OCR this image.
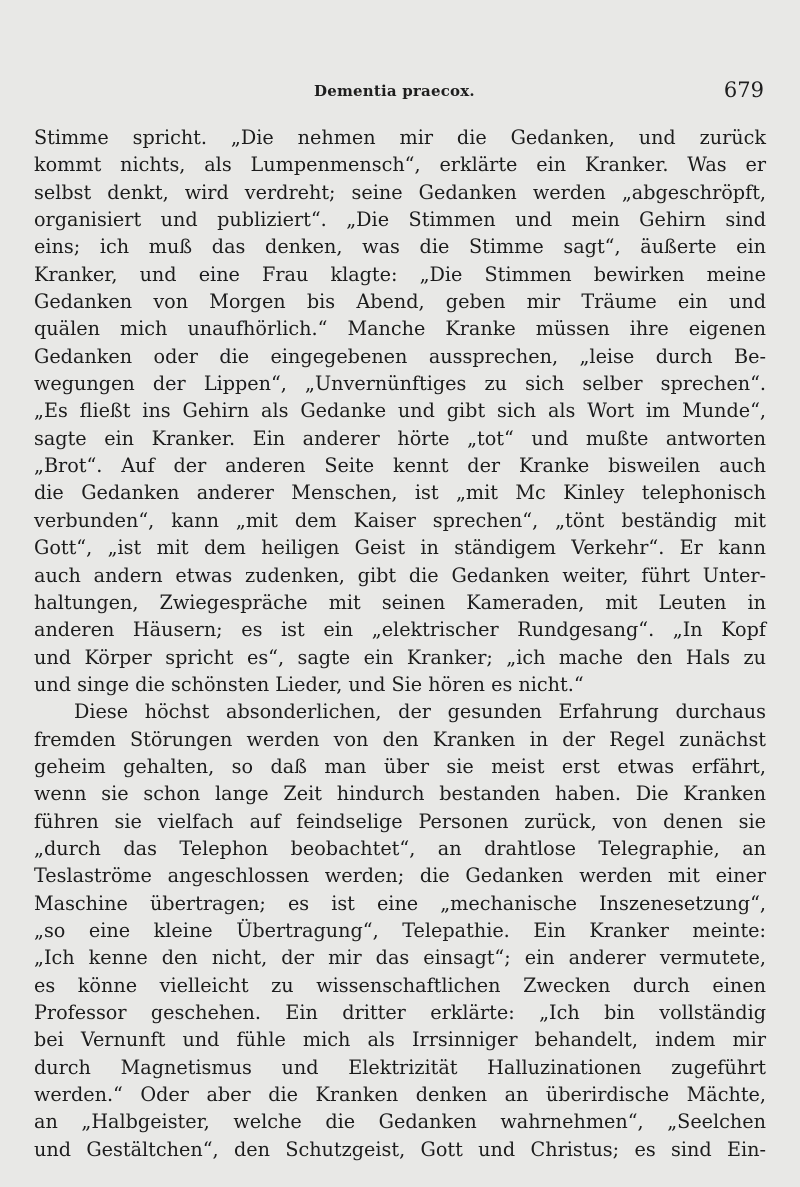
Dementia praecox.	679
Stimme spricht. „Die nehmen mir die Gedanken, und zurück
kommt nichts, als Lumpenmensch“, erklärte ein Kranker. Was er
selbst denkt, wird verdreht; seine Gedanken werden „abgeschröpft,
organisiert und publiziert“. „Die Stimmen und mein Gehirn sind
eins; ich muß das denken, was die Stimme sagt“, äußerte ein
Kranker, und eine Frau klagte: „Die Stimmen bewirken meine
Gedanken von Morgen bis Abend, geben mir Träume ein und
quälen mich unaufhörlich.“ Manche Kranke müssen ihre eigenen
Gedanken oder die eingegebenen aussprechen, „leise durch Be-
wegungen der Lippen“, „Unvernünftiges zu sich selber sprechen“.
„Es fließt ins Gehirn als Gedanke und gibt sich als Wort im Munde“,
sagte ein Kranker. Ein anderer hörte „tot“ und mußte antworten
„Brot“. Auf der anderen Seite kennt der Kranke bisweilen auch
die Gedanken anderer Menschen, ist „mit Mc Kinley telephonisch
verbunden“, kann „mit dem Kaiser sprechen“, „tönt beständig mit
Gott“, „ist mit dem heiligen Geist in ständigem Verkehr“. Er kann
auch andern etwas zudenken, gibt die Gedanken weiter, führt Unter-
haltungen, Zwiegespräche mit seinen Kameraden, mit Leuten in
anderen Häusern; es ist ein „elektrischer Rundgesang“. „In Kopf
und Körper spricht es“, sagte ein Kranker; „ich mache den Hals zu
und singe die schönsten Lieder, und Sie hören es nicht.“
Diese höchst absonderlichen, der gesunden Erfahrung durchaus
fremden Störungen werden von den Kranken in der Regel zunächst
geheim gehalten, so daß man über sie meist erst etwas erfährt,
wenn sie schon lange Zeit hindurch bestanden haben. Die Kranken
führen sie vielfach auf feindselige Personen zurück, von denen sie
„durch das Telephon beobachtet“, an drahtlose Telegraphie, an
Teslaströme angeschlossen werden; die Gedanken werden mit einer
Maschine übertragen; es ist eine „mechanische Inszenesetzung“,
„so eine kleine Übertragung“, Telepathie. Ein Kranker meinte:
„Ich kenne den nicht, der mir das einsagt“; ein anderer vermutete,
es könne vielleicht zu wissenschaftlichen Zwecken durch einen
Professor geschehen. Ein dritter erklärte: „Ich bin vollständig
bei Vernunft und fühle mich als Irrsinniger behandelt, indem mir
durch Magnetismus und Elektrizität Halluzinationen zugeführt
werden.“ Oder aber die Kranken denken an überirdische Mächte,
an „Halbgeister, welche die Gedanken wahrnehmen“, „Seelchen
und Gestältchen“, den Schutzgeist, Gott und Christus; es sind Ein-
